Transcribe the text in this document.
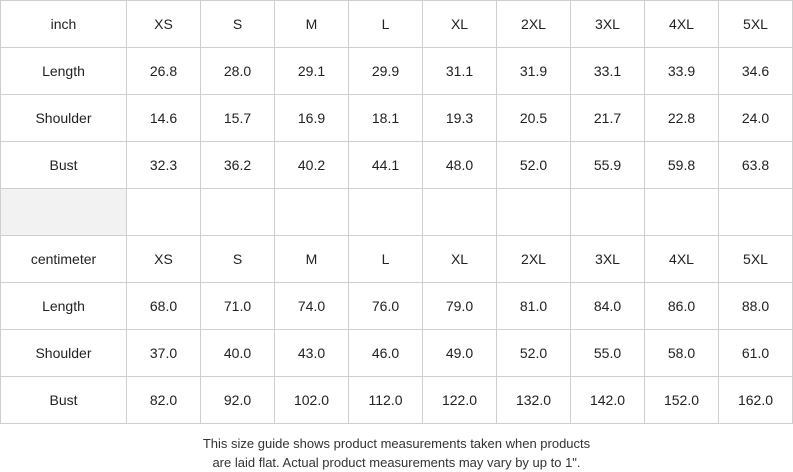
inch	XS	S	M	L	XL	2XL	3XL	4XL	5XL
Length	26.8	28.0	29.1	29.9	31.1	31.9	33.1	33.9	34.6
Shoulder	14.6	15.7	16.9	18.1	19.3	20.5	21.7	22.8	24.0
Bust	32.3	36.2	40.2	44.1	48.0	52.0	55.9	59.8	63.8

centimeter	XS	S	M	L	XL	2XL	3XL	4XL	5XL
Length	68.0	71.0	74.0	76.0	79.0	81.0	84.0	86.0	88.0
Shoulder	37.0	40.0	43.0	46.0	49.0	52.0	55.0	58.0	61.0
Bust	82.0	92.0	102.0	112.0	122.0	132.0	142.0	152.0	162.0
This size guide shows product measurements taken when products
are laid flat. Actual product measurements may vary by up to 1".
